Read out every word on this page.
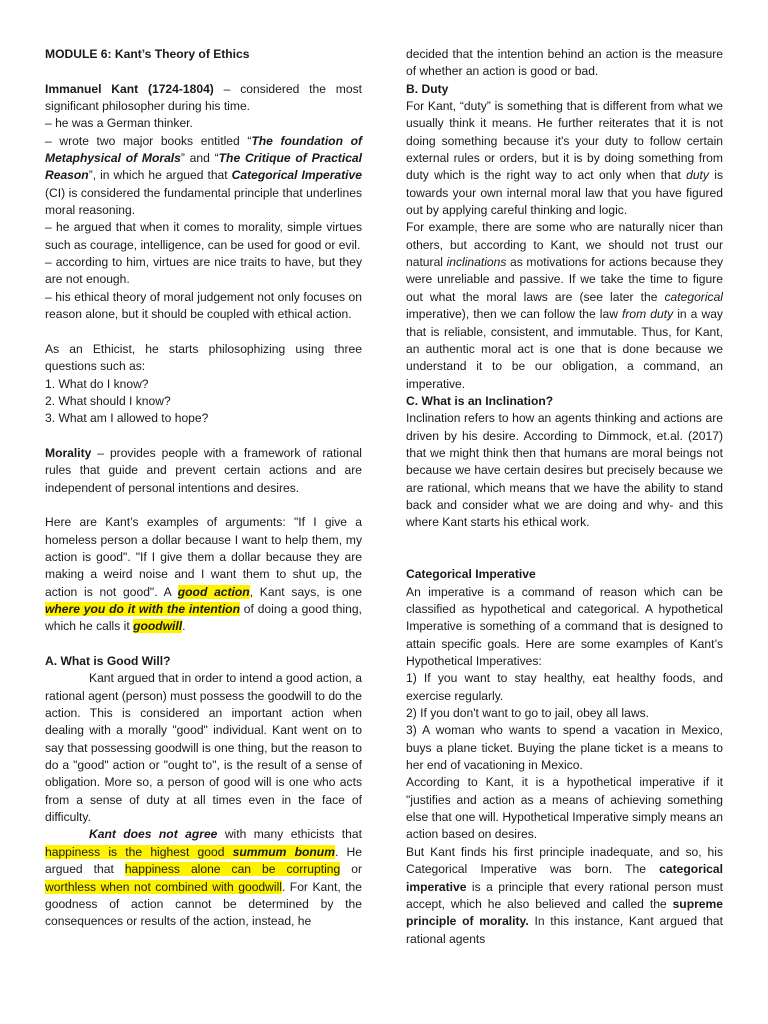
MODULE 6: Kant’s Theory of Ethics

Immanuel Kant (1724-1804) – considered the most significant philosopher during his time.

– he was a German thinker.

– wrote two major books entitled “The foundation of Metaphysical of Morals” and “The Critique of Practical Reason”, in which he argued that Categorical Imperative (CI) is considered the fundamental principle that underlines moral reasoning.

– he argued that when it comes to morality, simple virtues such as courage, intelligence, can be used for good or evil.

– according to him, virtues are nice traits to have, but they are not enough.

– his ethical theory of moral judgement not only focuses on reason alone, but it should be coupled with ethical action.

As an Ethicist, he starts philosophizing using three questions such as:

1. What do I know?

2. What should I know?

3. What am I allowed to hope?

Morality – provides people with a framework of rational rules that guide and prevent certain actions and are independent of personal intentions and desires.

Here are Kant’s examples of arguments: "If I give a homeless person a dollar because I want to help them, my action is good". "If I give them a dollar because they are making a weird noise and I want them to shut up, the action is not good". A good action, Kant says, is one where you do it with the intention of doing a good thing, which he calls it goodwill.

A. What is Good Will?

Kant argued that in order to intend a good action, a rational agent (person) must possess the goodwill to do the action. This is considered an important action when dealing with a morally "good" individual. Kant went on to say that possessing goodwill is one thing, but the reason to do a "good" action or "ought to", is the result of a sense of obligation. More so, a person of good will is one who acts from a sense of duty at all times even in the face of difficulty.

Kant does not agree with many ethicists that happiness is the highest good summum bonum. He argued that happiness alone can be corrupting or worthless when not combined with goodwill. For Kant, the goodness of action cannot be determined by the consequences or results of the action, instead, he

decided that the intention behind an action is the measure of whether an action is good or bad.

B. Duty

For Kant, “duty” is something that is different from what we usually think it means. He further reiterates that it is not doing something because it's your duty to follow certain external rules or orders, but it is by doing something from duty which is the right way to act only when that duty is towards your own internal moral law that you have figured out by applying careful thinking and logic.

For example, there are some who are naturally nicer than others, but according to Kant, we should not trust our natural inclinations as motivations for actions because they were unreliable and passive. If we take the time to figure out what the moral laws are (see later the categorical imperative), then we can follow the law from duty in a way that is reliable, consistent, and immutable. Thus, for Kant, an authentic moral act is one that is done because we understand it to be our obligation, a command, an imperative.

C. What is an Inclination?

Inclination refers to how an agents thinking and actions are driven by his desire. According to Dimmock, et.al. (2017) that we might think then that humans are moral beings not because we have certain desires but precisely because we are rational, which means that we have the ability to stand back and consider what we are doing and why- and this where Kant starts his ethical work.

Categorical Imperative

An imperative is a command of reason which can be classified as hypothetical and categorical. A hypothetical Imperative is something of a command that is designed to attain specific goals. Here are some examples of Kant’s Hypothetical Imperatives:

1) If you want to stay healthy, eat healthy foods, and exercise regularly.

2) If you don't want to go to jail, obey all laws.

3) A woman who wants to spend a vacation in Mexico, buys a plane ticket. Buying the plane ticket is a means to her end of vacationing in Mexico.

According to Kant, it is a hypothetical imperative if it "justifies and action as a means of achieving something else that one will. Hypothetical Imperative simply means an action based on desires.

But Kant finds his first principle inadequate, and so, his Categorical Imperative was born. The categorical imperative is a principle that every rational person must accept, which he also believed and called the supreme principle of morality. In this instance, Kant argued that rational agents
